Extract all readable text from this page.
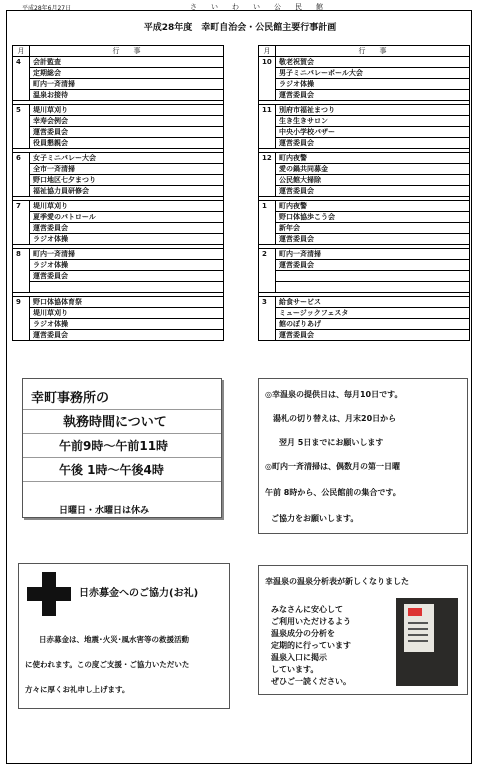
平成28年6月27日	さいわい公民館
平成28年度　幸町自治会・公民館主要行事計画
月	行　　事
4	会計監査
	定期総会
	町内一斉清掃
	温泉お接待

5	堤川草刈り
	幸寿会例会
	運営委員会
	役員懇親会

6	女子ミニバレー大会
	全市一斉清掃
	野口地区七夕まつり
	福祉協力員研修会

7	堤川草刈り
	夏季愛のパトロール
	運営委員会
	ラジオ体操

8	町内一斉清掃
	ラジオ体操
	運営委員会

9	野口体協体育祭
	堤川草刈り
	ラジオ体操
	運営委員会
月	行　　事
10	敬老祝賀会
	男子ミニバレーボール大会
	ラジオ体操
	運営委員会

11	別府市福祉まつり
	生き生きサロン
	中央小学校バザー
	運営委員会

12	町内夜警
	愛の鍋共同募金
	公民館大掃除
	運営委員会

1	町内夜警
	野口体協歩こう会
	新年会
	運営委員会

2	町内一斉清掃
	運営委員会

3	給食サービス
	ミュージックフェスタ
	館のぼりあげ
	運営委員会
幸町事務所の
執務時間について
午前9時～午前11時
午後 1時～午後4時
日曜日・水曜日は休み
◎幸温泉の提供日は、毎月10日です。
湯札の切り替えは、月末20日から
翌月 5日までにお願いします
◎町内一斉清掃は、偶数月の第一日曜
午前 8時から、公民館前の集合です。
ご協力をお願いします。
日赤募金へのご協力(お礼)
日赤募金は、地震･火災･風水害等の救援活動
に使われます。この度ご支援・ご協力いただいた
方々に厚くお礼申し上げます。
幸温泉の温泉分析表が新しくなりました
みなさんに安心して
ご利用いただけるよう
温泉成分の分析を
定期的に行っています
温泉入口に掲示
しています。
ぜひご一読ください。
